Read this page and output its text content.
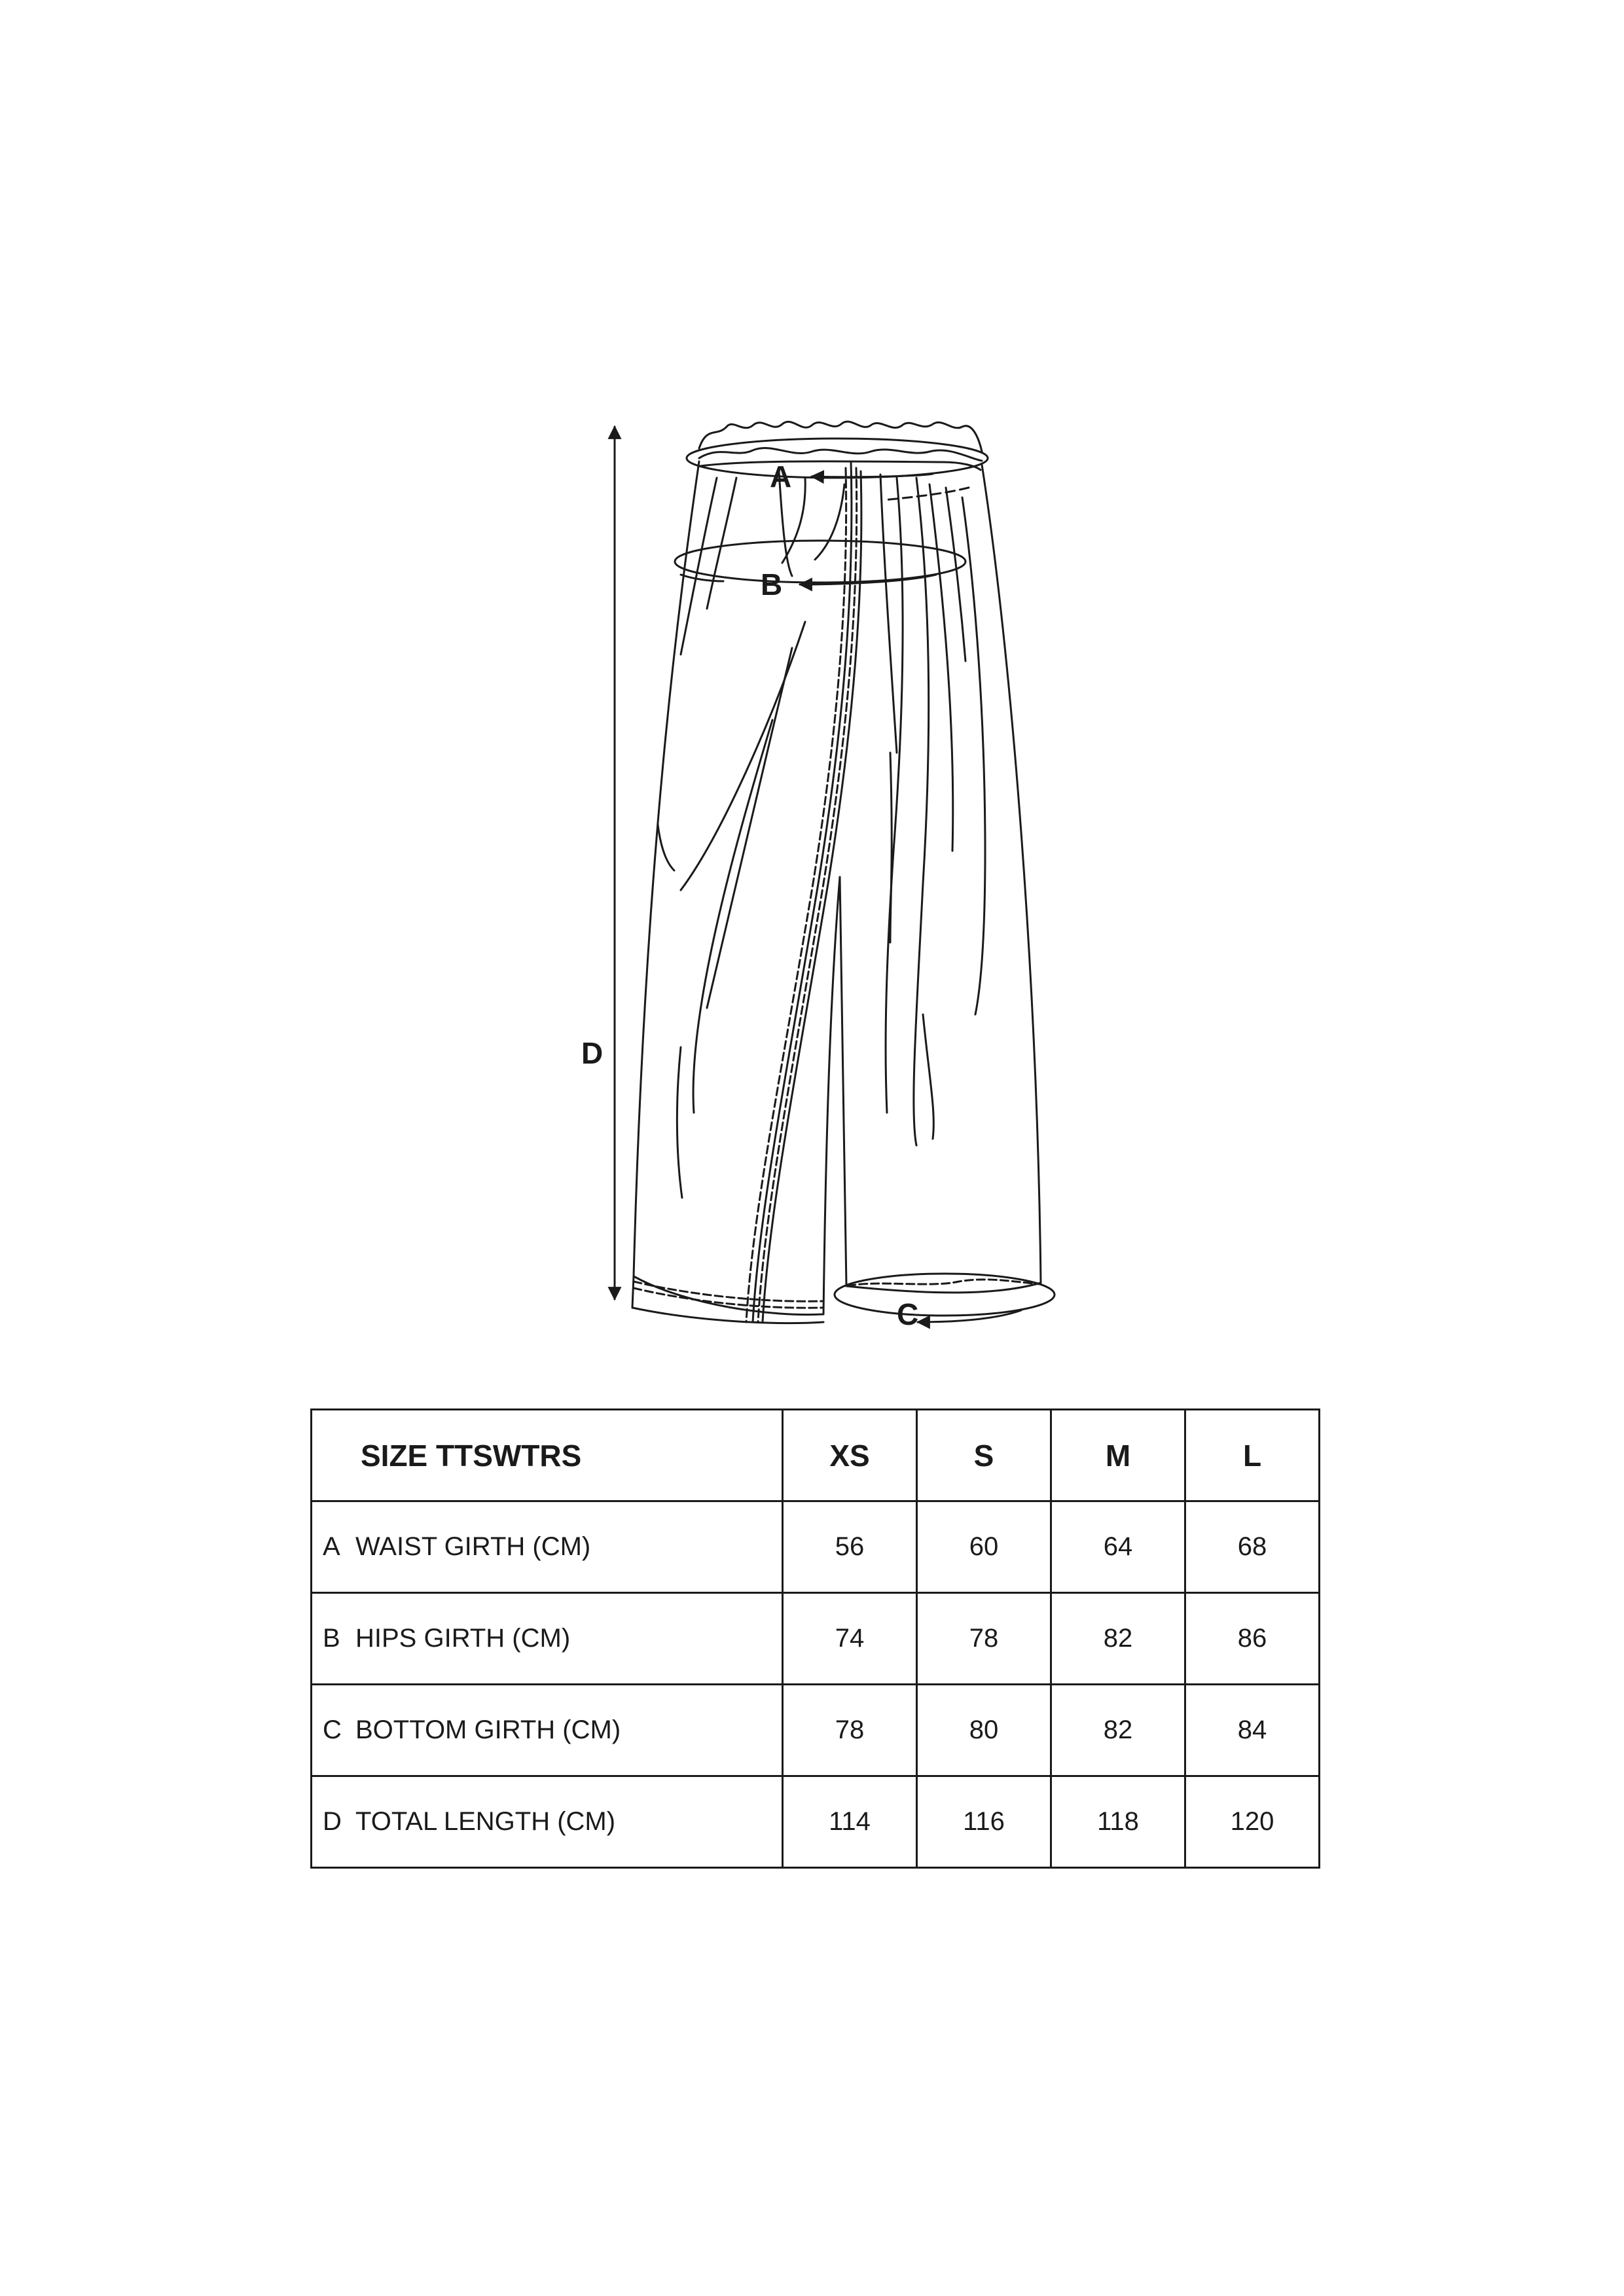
A
B
C
D
SIZE TTSWTRS	XS	S	M	L
A WAIST GIRTH (CM)	56	60	64	68
B HIPS GIRTH (CM)	74	78	82	86
C BOTTOM GIRTH (CM)	78	80	82	84
D TOTAL LENGTH (CM)	114	116	118	120
